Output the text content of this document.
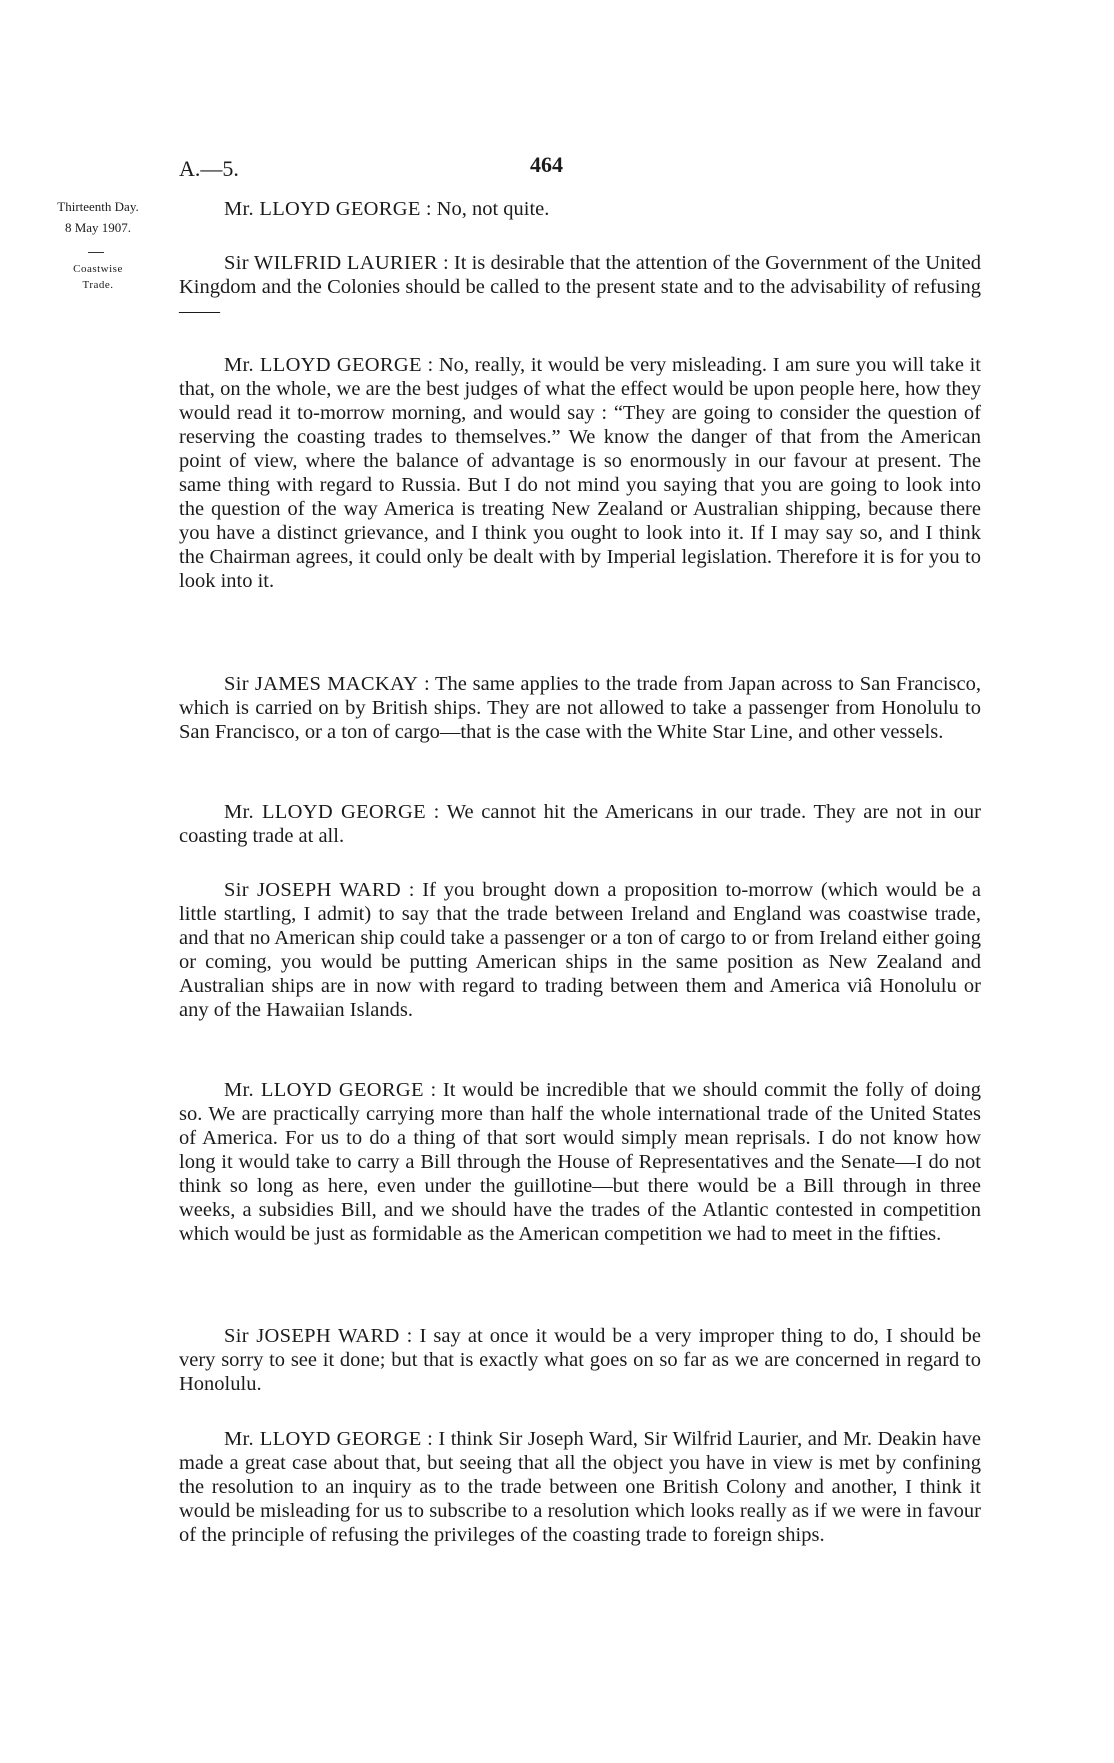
A.—5.	464
Thirteenth Day.
8 May 1907.
Coastwise
Trade.

Mr. LLOYD GEORGE : No, not quite.

Sir WILFRID LAURIER : It is desirable that the attention of the Government of the United Kingdom and the Colonies should be called to the present state and to the advisability of refusing——

Mr. LLOYD GEORGE : No, really, it would be very misleading. I am sure you will take it that, on the whole, we are the best judges of what the effect would be upon people here, how they would read it to-morrow morning, and would say : “They are going to consider the question of reserving the coasting trades to themselves.” We know the danger of that from the American point of view, where the balance of advantage is so enormously in our favour at present. The same thing with regard to Russia. But I do not mind you saying that you are going to look into the question of the way America is treating New Zealand or Australian shipping, because there you have a distinct grievance, and I think you ought to look into it. If I may say so, and I think the Chairman agrees, it could only be dealt with by Imperial legislation. Therefore it is for you to look into it.

Sir JAMES MACKAY : The same applies to the trade from Japan across to San Francisco, which is carried on by British ships. They are not allowed to take a passenger from Honolulu to San Francisco, or a ton of cargo—that is the case with the White Star Line, and other vessels.

Mr. LLOYD GEORGE : We cannot hit the Americans in our trade. They are not in our coasting trade at all.

Sir JOSEPH WARD : If you brought down a proposition to-morrow (which would be a little startling, I admit) to say that the trade between Ireland and England was coastwise trade, and that no American ship could take a passenger or a ton of cargo to or from Ireland either going or coming, you would be putting American ships in the same position as New Zealand and Australian ships are in now with regard to trading between them and America viâ Honolulu or any of the Hawaiian Islands.

Mr. LLOYD GEORGE : It would be incredible that we should commit the folly of doing so. We are practically carrying more than half the whole international trade of the United States of America. For us to do a thing of that sort would simply mean reprisals. I do not know how long it would take to carry a Bill through the House of Representatives and the Senate—I do not think so long as here, even under the guillotine—but there would be a Bill through in three weeks, a subsidies Bill, and we should have the trades of the Atlantic contested in competition which would be just as formidable as the American competition we had to meet in the fifties.

Sir JOSEPH WARD : I say at once it would be a very improper thing to do, I should be very sorry to see it done; but that is exactly what goes on so far as we are concerned in regard to Honolulu.

Mr. LLOYD GEORGE : I think Sir Joseph Ward, Sir Wilfrid Laurier, and Mr. Deakin have made a great case about that, but seeing that all the object you have in view is met by confining the resolution to an inquiry as to the trade between one British Colony and another, I think it would be misleading for us to subscribe to a resolution which looks really as if we were in favour of the principle of refusing the privileges of the coasting trade to foreign ships.
